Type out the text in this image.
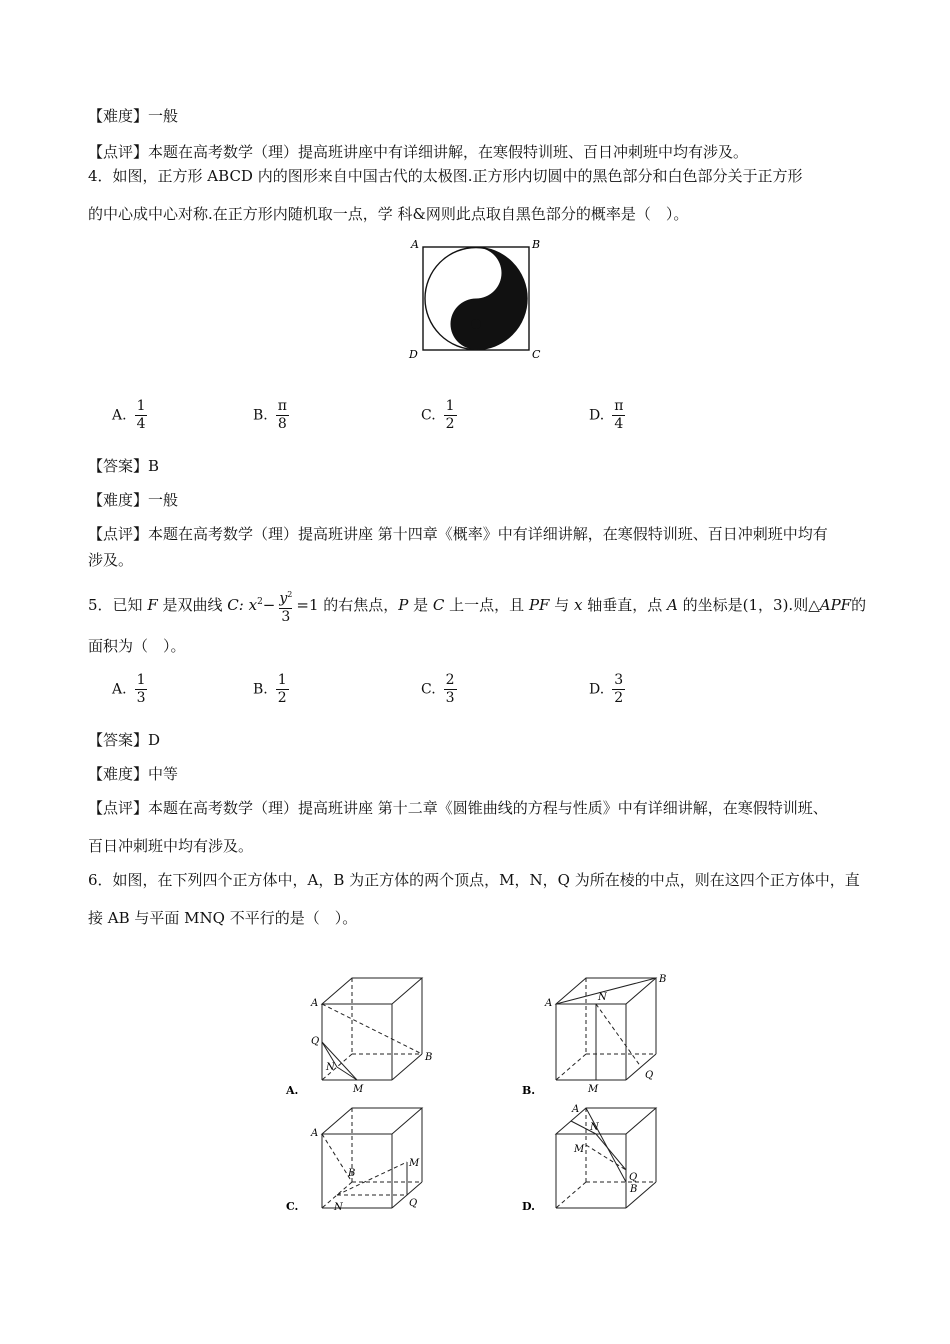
【难度】一般
【点评】本题在高考数学（理）提高班讲座中有详细讲解，在寒假特训班、百日冲刺班中均有涉及。
4．如图，正方形 ABCD 内的图形来自中国古代的太极图.正方形内切圆中的黑色部分和白色部分关于正方形
的中心成中心对称.在正方形内随机取一点，学 科&网则此点取自黑色部分的概率是（　）。
A	B
C
D
A. $\frac{1}{4}$	B. $\frac{\pi}{8}$	C. $\frac{1}{2}$	D. $\frac{\pi}{4}$
【答案】B
【难度】一般
【点评】本题在高考数学（理）提高班讲座 第十四章《概率》中有详细讲解，在寒假特训班、百日冲刺班中均有
涉及。
5．已知 F 是双曲线 C: $x^2- \frac{y^2}{3} =1$ 的右焦点，P 是 C 上一点，且 PF 与 x 轴垂直，点 A 的坐标是(1，3).则△APF的
面积为（　）。
A. $\frac{1}{3}$	B. $\frac{1}{2}$	C. $\frac{2}{3}$	D. $\frac{3}{2}$
【答案】D
【难度】中等
【点评】本题在高考数学（理）提高班讲座 第十二章《圆锥曲线的方程与性质》中有详细讲解，在寒假特训班、
百日冲刺班中均有涉及。
6．如图，在下列四个正方体中，A，B 为正方体的两个顶点，M，N，Q 为所在棱的中点，则在这四个正方体中，直
接 AB 与平面 MNQ 不平行的是（　）。
A
B
Q
N
M
A.
A
B
N
M
Q
B.
A
B
M
N	Q
C.
A
N
M
Q
B
D.
